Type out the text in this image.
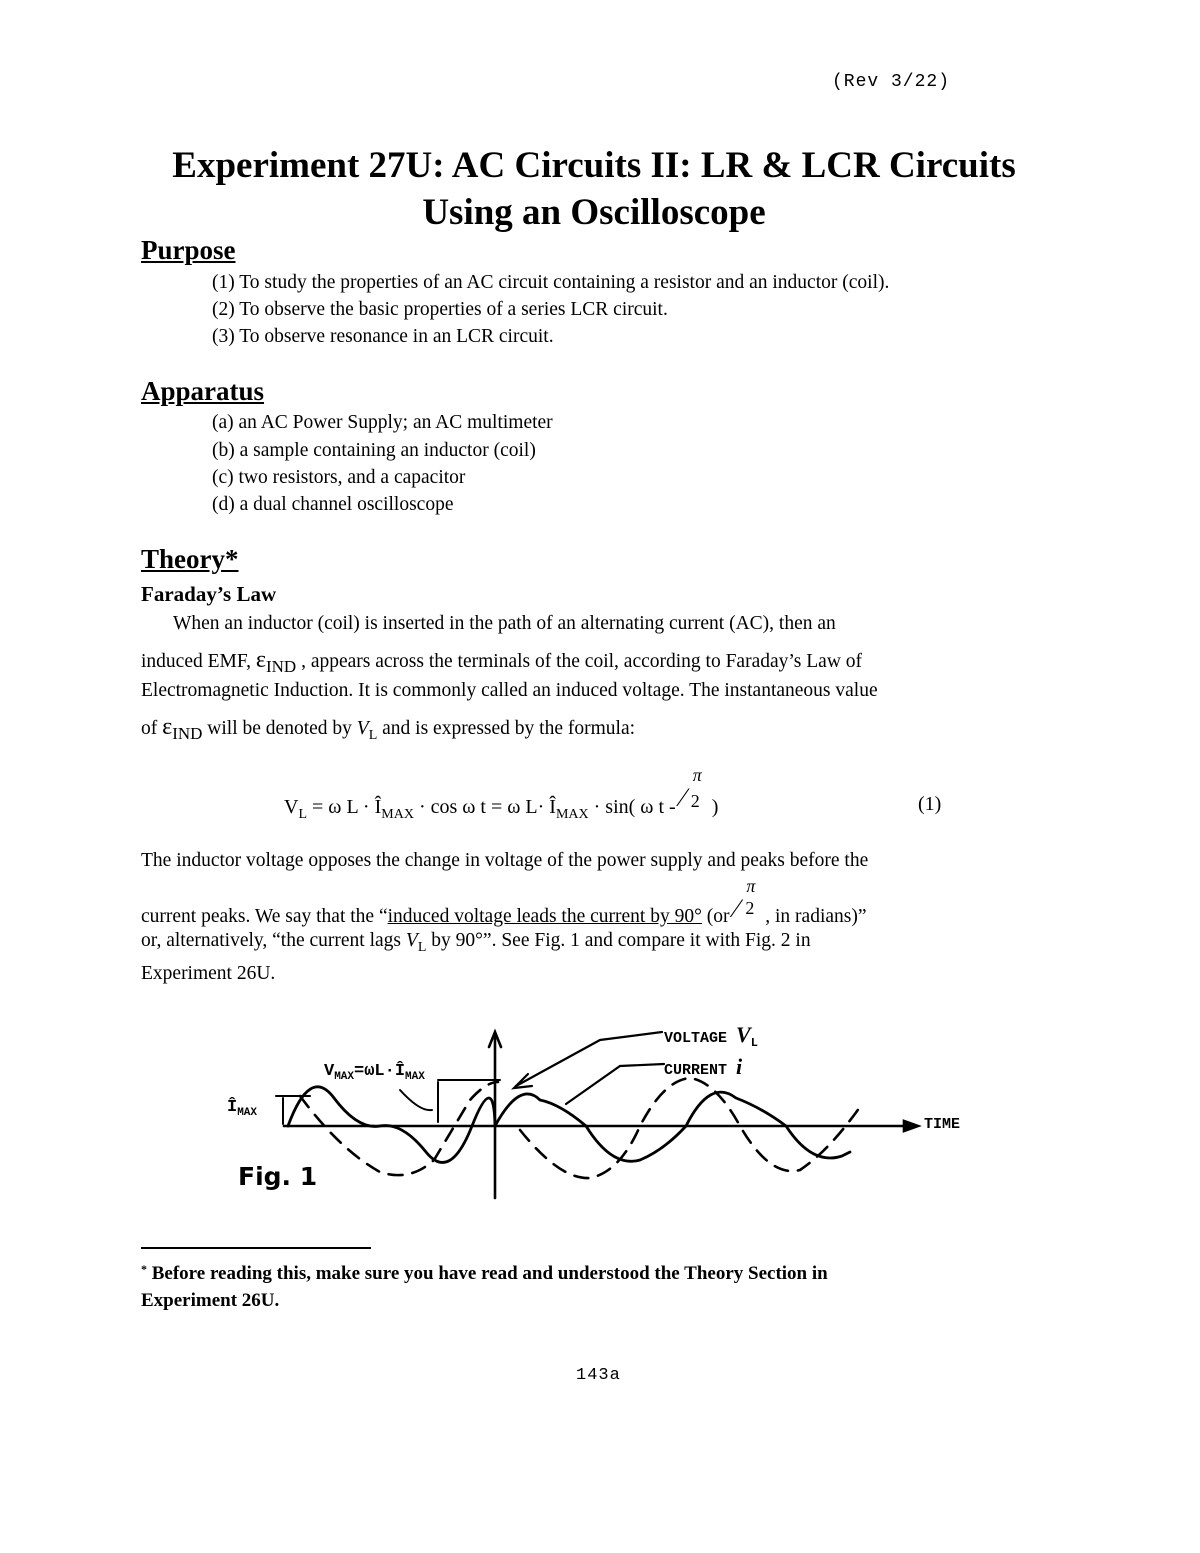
(Rev 3/22)
Experiment 27U: AC Circuits II: LR & LCR Circuits
Using an Oscilloscope
Purpose
(1) To study the properties of an AC circuit containing a resistor and an inductor (coil).
(2) To observe the basic properties of a series LCR circuit.
(3) To observe resonance in an LCR circuit.
Apparatus
(a) an AC Power Supply; an AC multimeter
(b) a sample containing an inductor (coil)
(c) two resistors, and a capacitor
(d) a dual channel oscilloscope
Theory*
Faraday’s Law
When an inductor (coil) is inserted in the path of an alternating current (AC), then an
induced EMF, εIND , appears across the terminals of the coil, according to Faraday’s Law of
Electromagnetic Induction. It is commonly called an induced voltage. The instantaneous value
of εIND will be denoted by $V_L$ and is expressed by the formula:
$V_L = \omega$ $L \cdot Î_{MAX} \cdot \cos \omega$ t = ω $L\cdot Î_{MAX} \cdot \sin$( ω t -
π
⁄ 2 )	(1)
The inductor voltage opposes the change in voltage of the power supply and peaks before the
current peaks. We say that the “induced voltage leads the current by 90° (or
π
⁄ 2 , in radians)”
or, alternatively, “the current lags $V_L$ by 90°”. See Fig. 1 and compare it with Fig. 2 in
Experiment 26U.
VOLTAGE $V_L$
CURRENT i
TIME
$V_{MAX}=\omega L\cdot Î_{MAX}$
$Î_{MAX}$
Fig. 1
* Before reading this, make sure you have read and understood the Theory Section in
Experiment 26U.
143a
